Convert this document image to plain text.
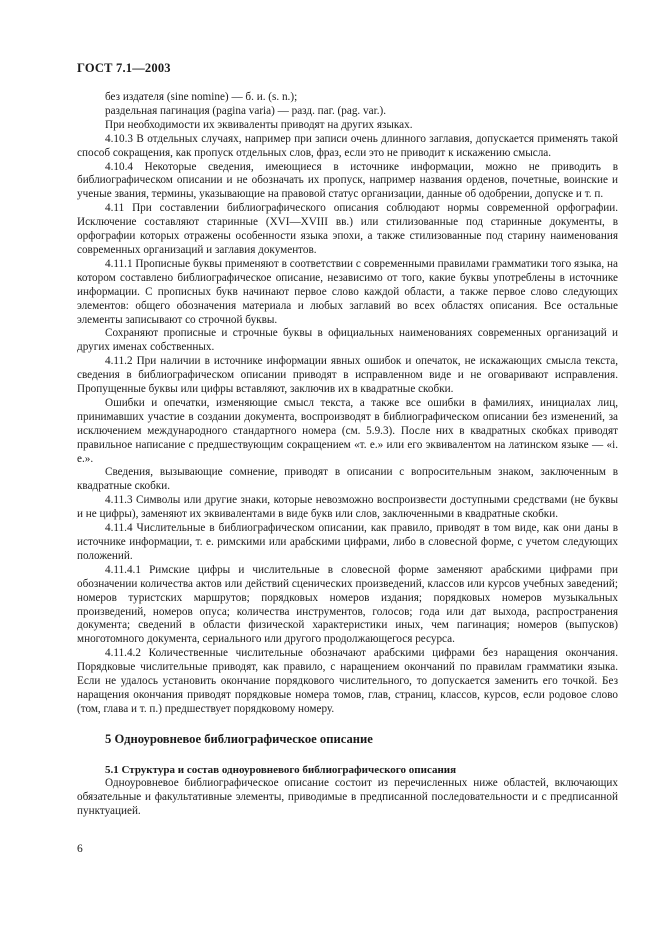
ГОСТ 7.1—2003

без издателя (sine nomine) — б. и. (s. n.);

раздельная пагинация (pagina varia) — разд. паг. (pag. var.).

При необходимости их эквиваленты приводят на других языках.

4.10.3 В отдельных случаях, например при записи очень длинного заглавия, допускается применять такой способ сокращения, как пропуск отдельных слов, фраз, если это не приводит к искажению смысла.

4.10.4 Некоторые сведения, имеющиеся в источнике информации, можно не приводить в библиографическом описании и не обозначать их пропуск, например названия орденов, почетные, воинские и ученые звания, термины, указывающие на правовой статус организации, данные об одобрении, допуске и т. п.

4.11 При составлении библиографического описания соблюдают нормы современной орфографии. Исключение составляют старинные (XVI—XVIII вв.) или стилизованные под старинные документы, в орфографии которых отражены особенности языка эпохи, а также стилизованные под старину наименования современных организаций и заглавия документов.

4.11.1 Прописные буквы применяют в соответствии с современными правилами грамматики того языка, на котором составлено библиографическое описание, независимо от того, какие буквы употреблены в источнике информации. С прописных букв начинают первое слово каждой области, а также первое слово следующих элементов: общего обозначения материала и любых заглавий во всех областях описания. Все остальные элементы записывают со строчной буквы.

Сохраняют прописные и строчные буквы в официальных наименованиях современных организаций и других именах собственных.

4.11.2 При наличии в источнике информации явных ошибок и опечаток, не искажающих смысла текста, сведения в библиографическом описании приводят в исправленном виде и не оговаривают исправления. Пропущенные буквы или цифры вставляют, заключив их в квадратные скобки.

Ошибки и опечатки, изменяющие смысл текста, а также все ошибки в фамилиях, инициалах лиц, принимавших участие в создании документа, воспроизводят в библиографическом описании без изменений, за исключением международного стандартного номера (см. 5.9.3). После них в квадратных скобках приводят правильное написание с предшествующим сокращением «т. е.» или его эквивалентом на латинском языке — «i. e.».

Сведения, вызывающие сомнение, приводят в описании с вопросительным знаком, заключенным в квадратные скобки.

4.11.3 Символы или другие знаки, которые невозможно воспроизвести доступными средствами (не буквы и не цифры), заменяют их эквивалентами в виде букв или слов, заключенными в квадратные скобки.

4.11.4 Числительные в библиографическом описании, как правило, приводят в том виде, как они даны в источнике информации, т. е. римскими или арабскими цифрами, либо в словесной форме, с учетом следующих положений.

4.11.4.1 Римские цифры и числительные в словесной форме заменяют арабскими цифрами при обозначении количества актов или действий сценических произведений, классов или курсов учебных заведений; номеров туристских маршрутов; порядковых номеров издания; порядковых номеров музыкальных произведений, номеров опуса; количества инструментов, голосов; года или дат выхода, распространения документа; сведений в области физической характеристики иных, чем пагинация; номеров (выпусков) многотомного документа, сериального или другого продолжающегося ресурса.

4.11.4.2 Количественные числительные обозначают арабскими цифрами без наращения окончания. Порядковые числительные приводят, как правило, с наращением окончаний по правилам грамматики языка. Если не удалось установить окончание порядкового числительного, то допускается заменить его точкой. Без наращения окончания приводят порядковые номера томов, глав, страниц, классов, курсов, если родовое слово (том, глава и т. п.) предшествует порядковому номеру.

5 Одноуровневое библиографическое описание
5.1 Структура и состав одноуровневого библиографического описания

Одноуровневое библиографическое описание состоит из перечисленных ниже областей, включающих обязательные и факультативные элементы, приводимые в предписанной последовательности и с предписанной пунктуацией.

6
